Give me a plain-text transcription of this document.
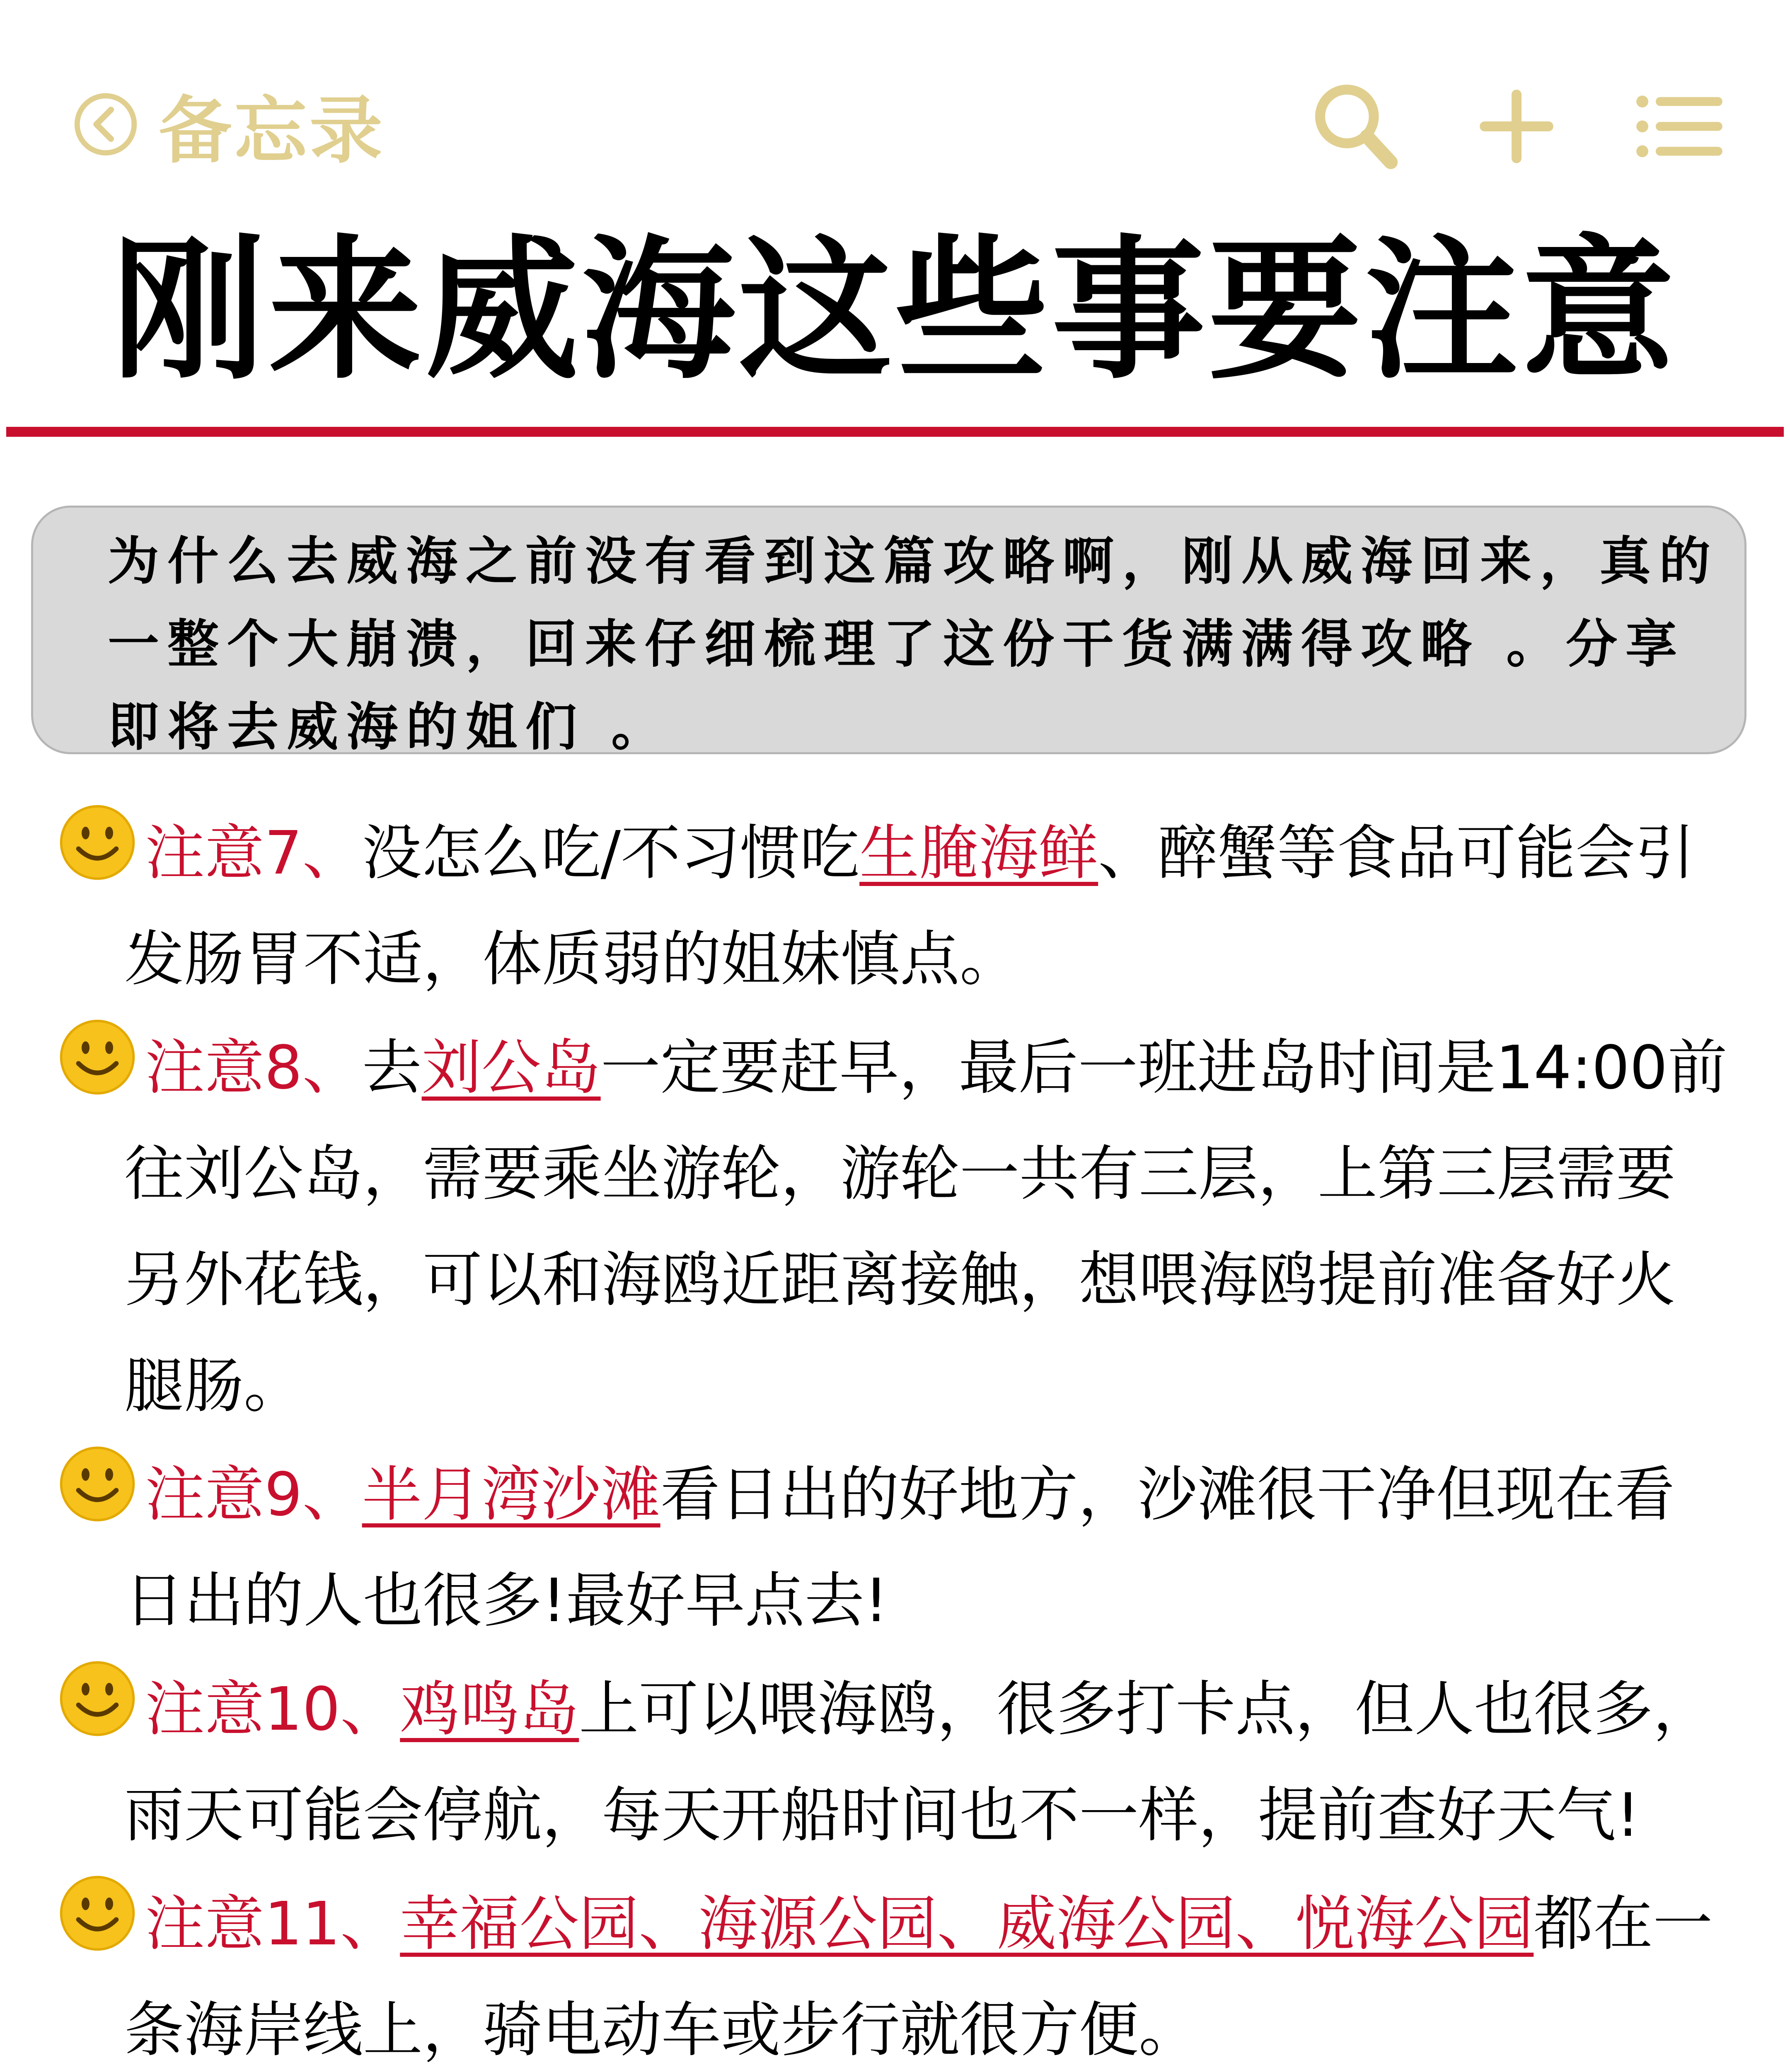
备忘录
刚来威海这些事要注意

为什么去威海之前没有看到这篇攻略啊，刚从威海回来，真的一整个大崩溃，回来仔细梳理了这份干货满满得攻略 。分享即将去威海的姐们 。

注意7、没怎么吃/不习惯吃生腌海鲜、醉蟹等食品可能会引发肠胃不适，体质弱的姐妹慎点。
注意8、去刘公岛一定要赶早，最后一班进岛时间是14:00前往刘公岛，需要乘坐游轮，游轮一共有三层，上第三层需要另外花钱，可以和海鸥近距离接触，想喂海鸥提前准备好火腿肠。
注意9、半月湾沙滩看日出的好地方，沙滩很干净但现在看日出的人也很多!最好早点去!
注意10、鸡鸣岛上可以喂海鸥，很多打卡点，但人也很多，雨天可能会停航，每天开船时间也不一样，提前查好天气!
注意11、幸福公园、海源公园、威海公园、悦海公园都在一条海岸线上，骑电动车或步行就很方便。
